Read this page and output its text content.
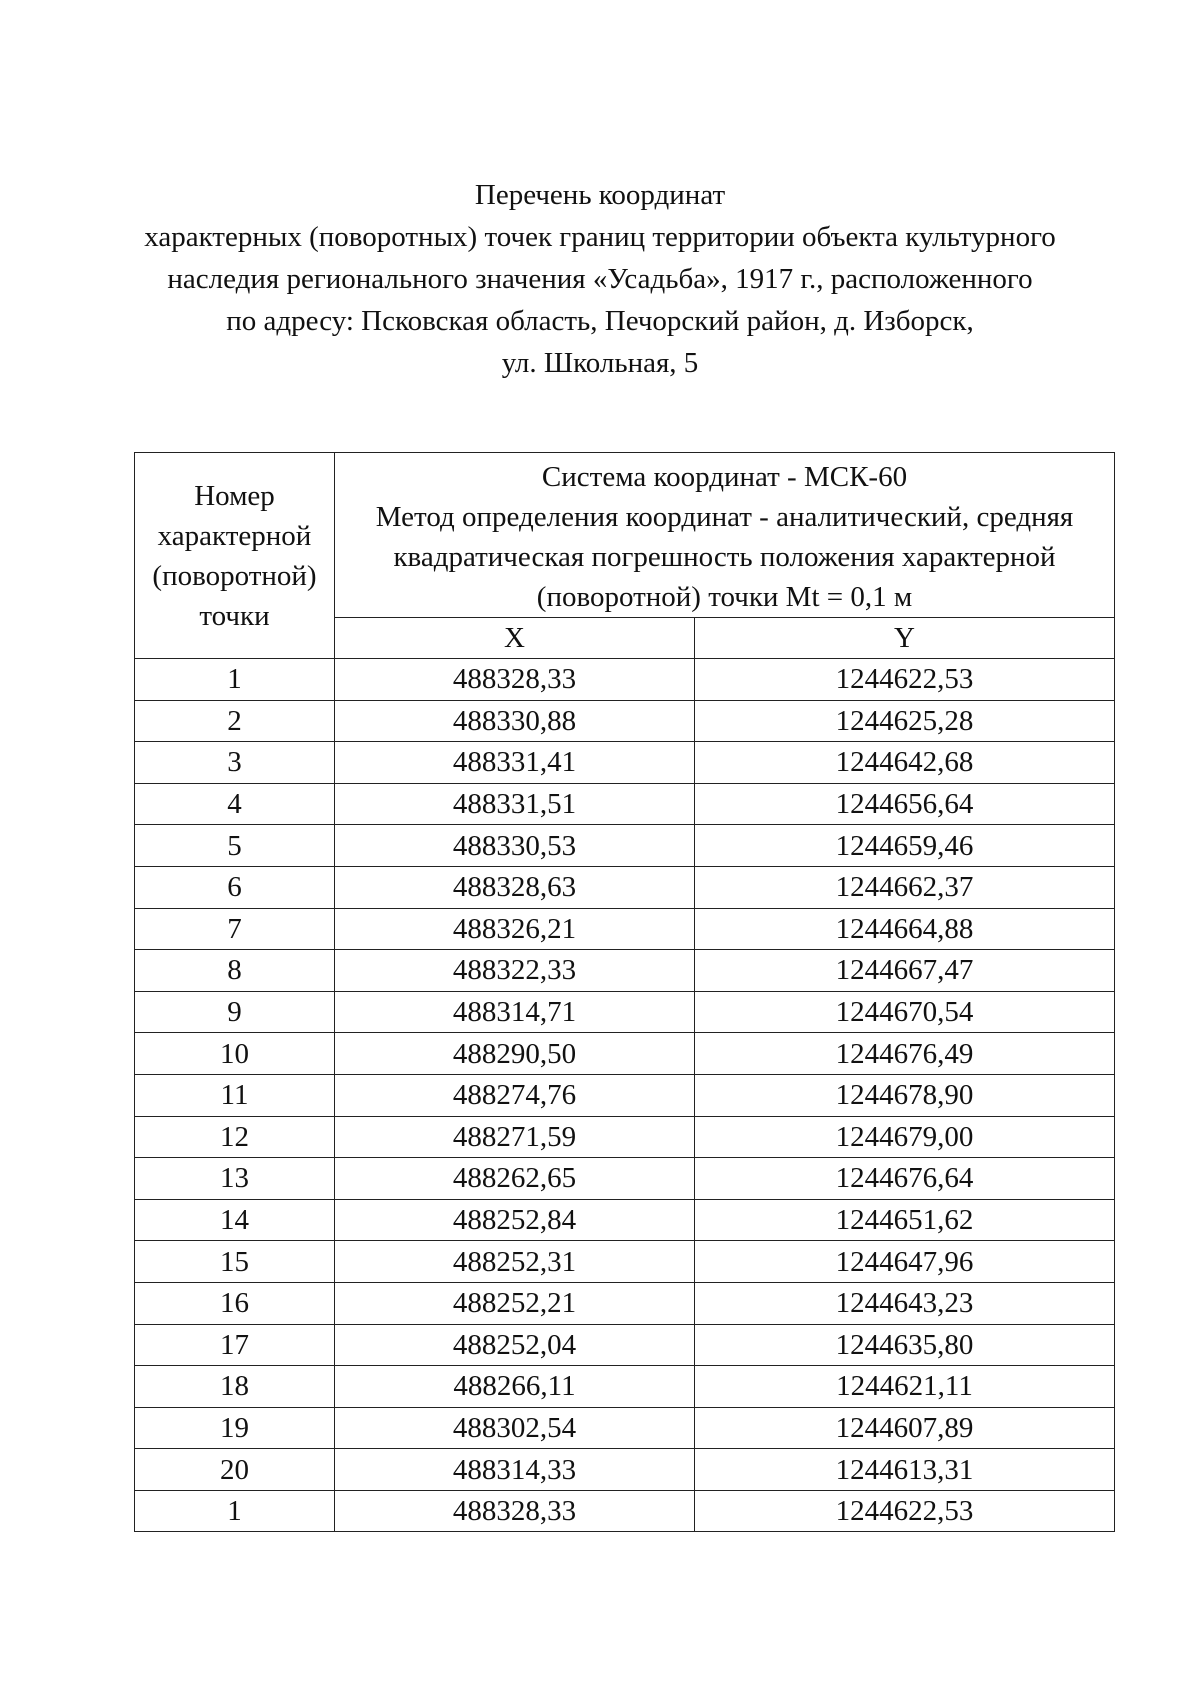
Перечень координат
характерных (поворотных) точек границ территории объекта культурного
наследия регионального значения «Усадьба», 1917 г., расположенного
по адресу: Псковская область, Печорский район, д. Изборск,
ул. Школьная, 5
Номер
характерной
(поворотной)
точки	Система координат - МСК-60
Метод определения координат - аналитический, средняя
квадратическая погрешность положения характерной
(поворотной) точки Mt = 0,1 м	

	X	Y
1	488328,33	1244622,53
2	488330,88	1244625,28
3	488331,41	1244642,68
4	488331,51	1244656,64
5	488330,53	1244659,46
6	488328,63	1244662,37
7	488326,21	1244664,88
8	488322,33	1244667,47
9	488314,71	1244670,54
10	488290,50	1244676,49
11	488274,76	1244678,90
12	488271,59	1244679,00
13	488262,65	1244676,64
14	488252,84	1244651,62
15	488252,31	1244647,96
16	488252,21	1244643,23
17	488252,04	1244635,80
18	488266,11	1244621,11
19	488302,54	1244607,89
20	488314,33	1244613,31
1	488328,33	1244622,53
